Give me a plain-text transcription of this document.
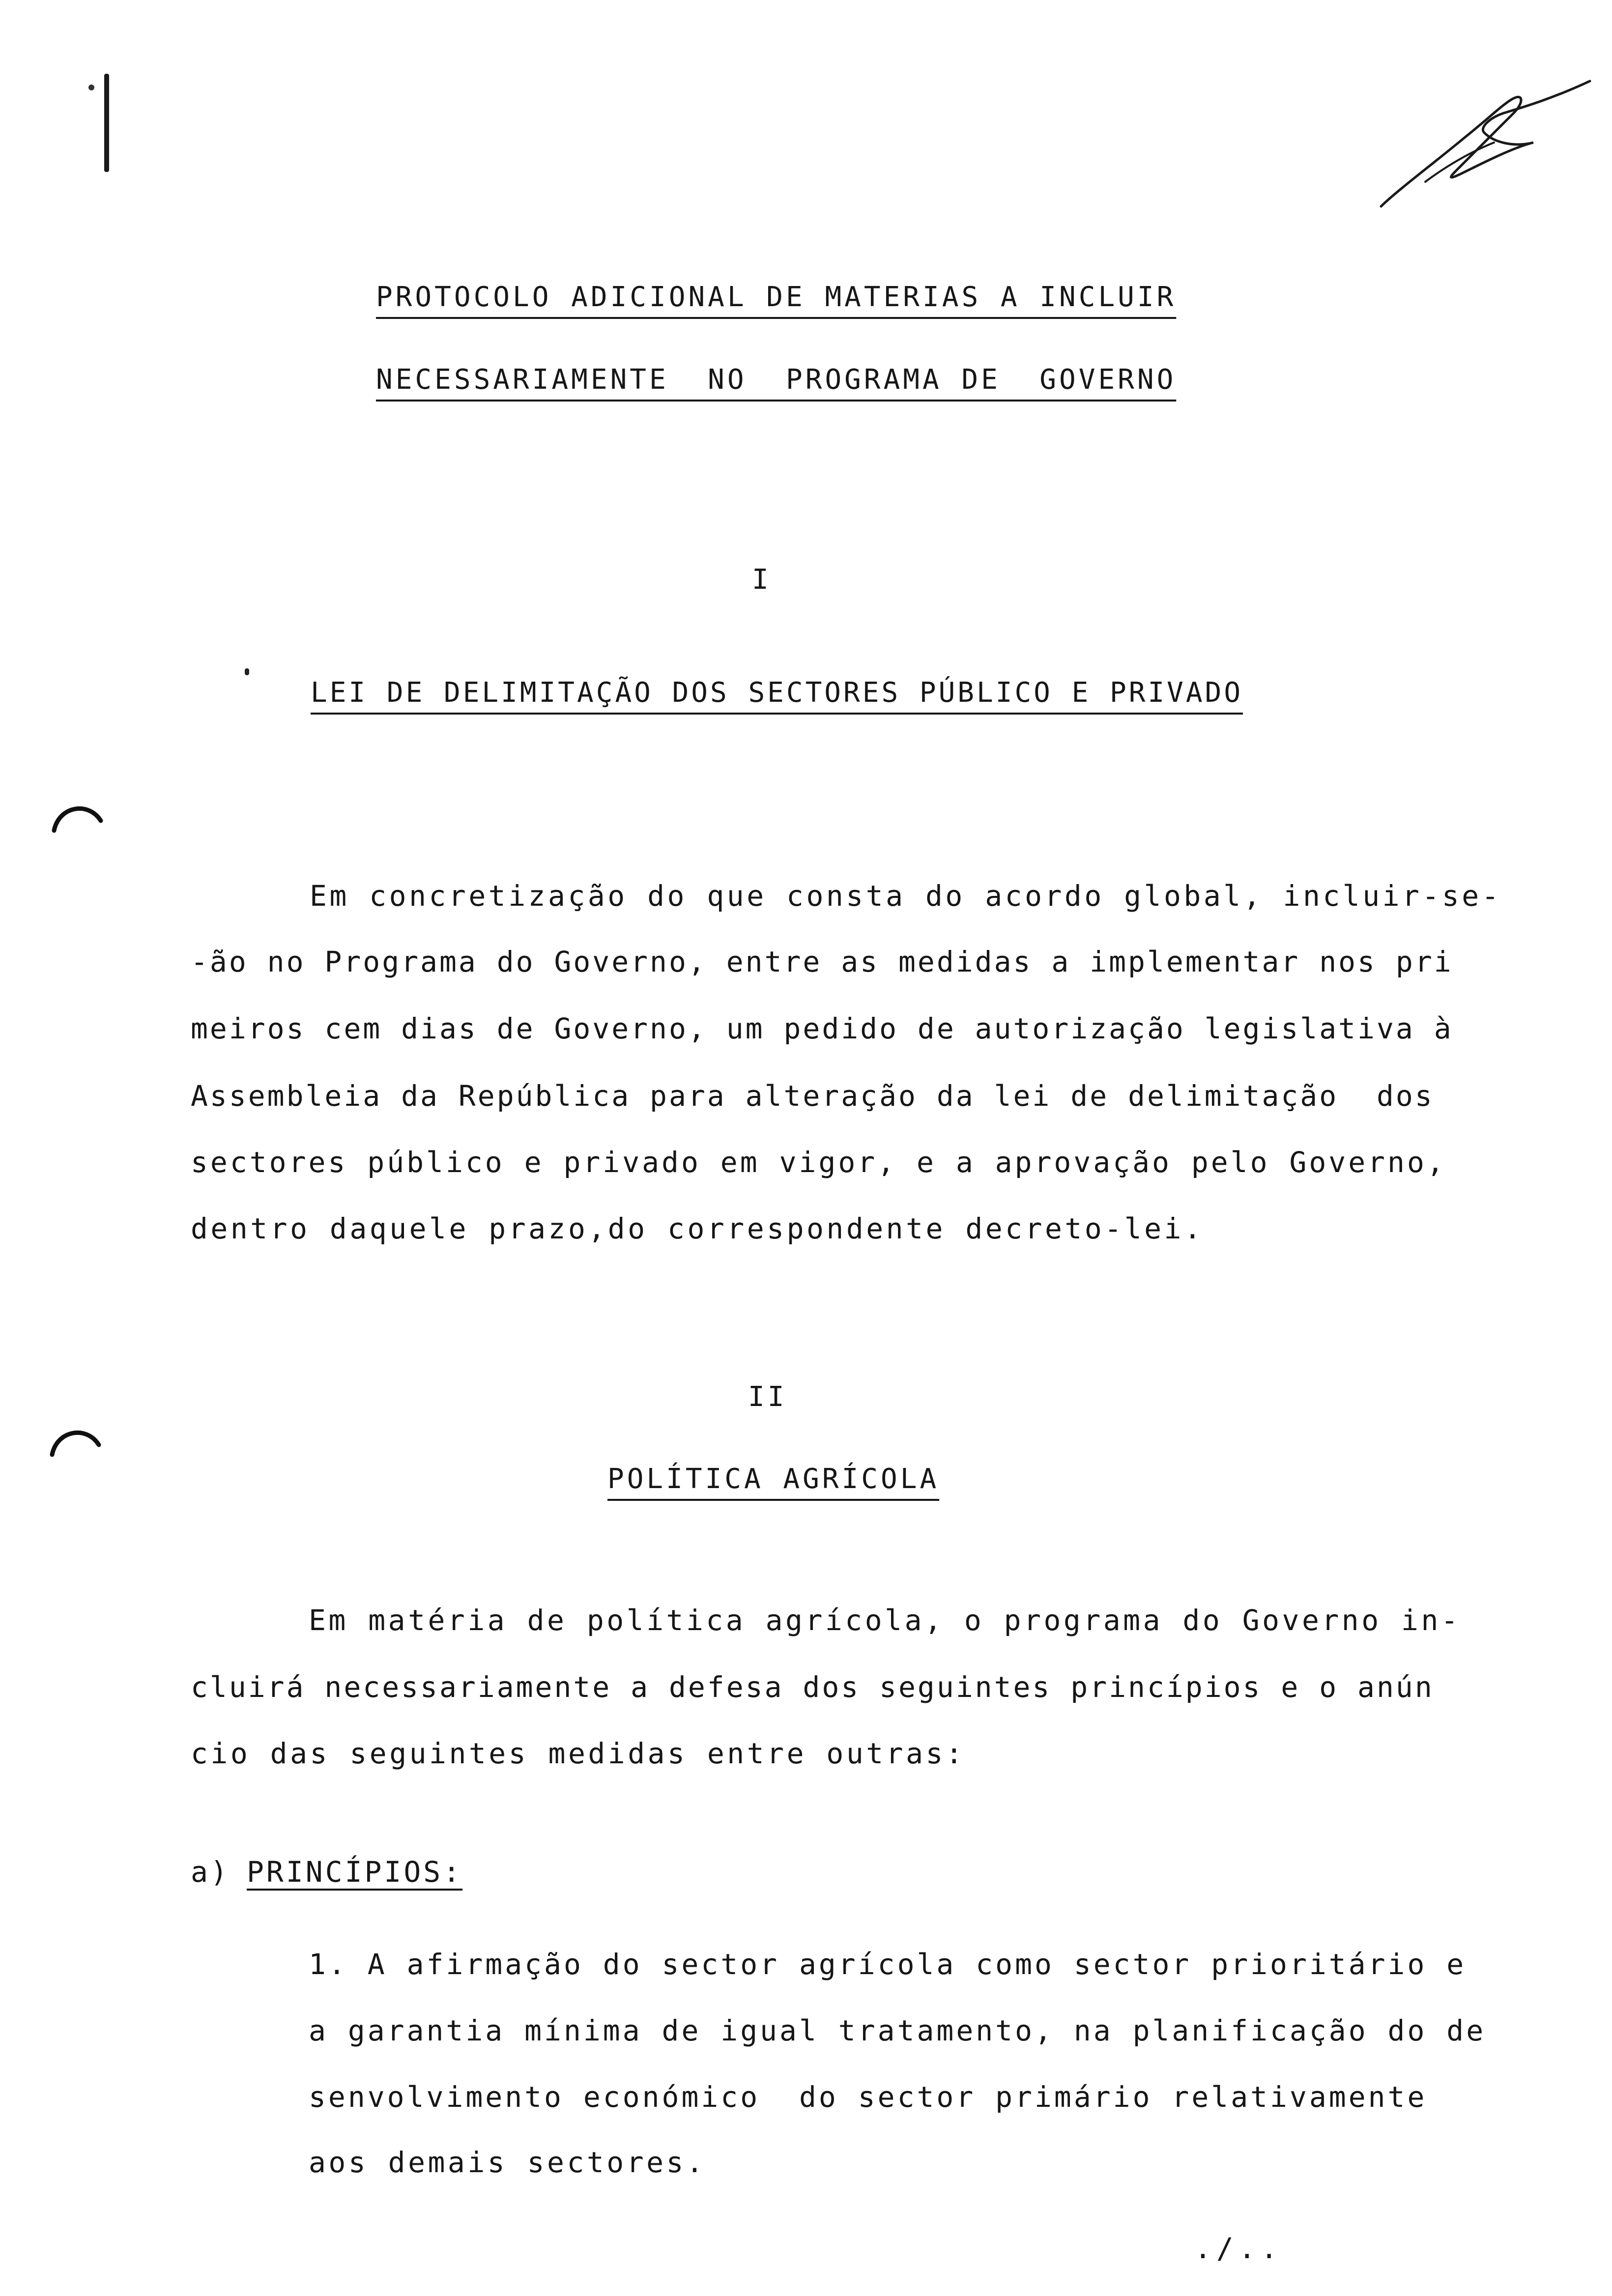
PROTOCOLO ADICIONAL DE MATERIAS A INCLUIR
NECESSARIAMENTE  NO  PROGRAMA DE  GOVERNO
I
LEI DE DELIMITAÇÃO DOS SECTORES PÚBLICO E PRIVADO
Em concretização do que consta do acordo global, incluir-se-
-ão no Programa do Governo, entre as medidas a implementar nos pri
meiros cem dias de Governo, um pedido de autorização legislativa à
Assembleia da República para alteração da lei de delimitação  dos
sectores público e privado em vigor, e a aprovação pelo Governo,
dentro daquele prazo,do correspondente decreto-lei.
II
POLÍTICA AGRÍCOLA
Em matéria de política agrícola, o programa do Governo in-
cluirá necessariamente a defesa dos seguintes princípios e o anún
cio das seguintes medidas entre outras:
a) PRINCÍPIOS:
1. A afirmação do sector agrícola como sector prioritário e
a garantia mínima de igual tratamento, na planificação do de
senvolvimento económico  do sector primário relativamente
aos demais sectores.
./..
